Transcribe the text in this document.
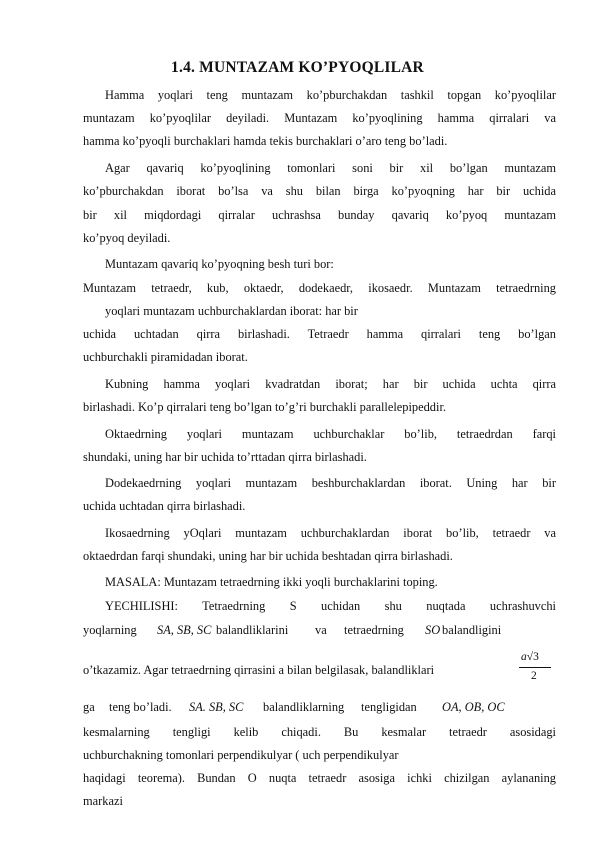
1.4. MUNTAZAM KO’PYOQLILAR
Hamma yoqlari teng muntazam ko’pburchakdan tashkil topgan ko’pyoqlilar
muntazam ko’pyoqlilar deyiladi. Muntazam ko’pyoqlining hamma qirralari va
hamma ko’pyoqli burchaklari hamda tekis burchaklari o’aro teng bo’ladi.
Agar qavariq ko’pyoqlining tomonlari soni bir xil bo’lgan muntazam
ko’pburchakdan iborat bo’lsa va shu bilan birga ko’pyoqning har bir uchida
bir xil miqdordagi qirralar uchrashsa bunday qavariq ko’pyoq muntazam
ko’pyoq deyiladi.
Muntazam qavariq ko’pyoqning besh turi bor:
Muntazam tetraedr, kub, oktaedr, dodekaedr, ikosaedr. Muntazam tetraedrning
yoqlari muntazam uchburchaklardan iborat: har bir
uchida uchtadan qirra birlashadi. Tetraedr hamma qirralari teng bo’lgan
uchburchakli piramidadan iborat.
Kubning hamma yoqlari kvadratdan iborat; har bir uchida uchta qirra
birlashadi. Ko’p qirralari teng bo’lgan to’g’ri burchakli parallelepipeddir.
Oktaedrning yoqlari muntazam uchburchaklar bo’lib, tetraedrdan farqi
shundaki, uning har bir uchida to’rttadan qirra birlashadi.
Dodekaedrning yoqlari muntazam beshburchaklardan iborat. Uning har bir
uchida uchtadan qirra birlashadi.
Ikosaedrning yOqlari muntazam uchburchaklardan iborat bo’lib, tetraedr va
oktaedrdan farqi shundaki, uning har bir uchida beshtadan qirra birlashadi.
MASALA: Muntazam tetraedrning ikki yoqli burchaklarini toping.
YECHILISHI: Tetraedrning S uchidan shu nuqtada uchrashuvchi
yoqlarning SA, SB, SC balandliklarini va tetraedrning SO balandligini
o’tkazamiz. Agar tetraedrning qirrasini a bilan belgilasak, balandliklari
a√3
2
ga teng bo’ladi. SA. SB, SC balandliklarning tengligidan OA, OB, OC
kesmalarning tengligi kelib chiqadi. Bu kesmalar tetraedr asosidagi
uchburchakning tomonlari perpendikulyar ( uch perpendikulyar
haqidagi teorema). Bundan O nuqta tetraedr asosiga ichki chizilgan aylananing
markazi
